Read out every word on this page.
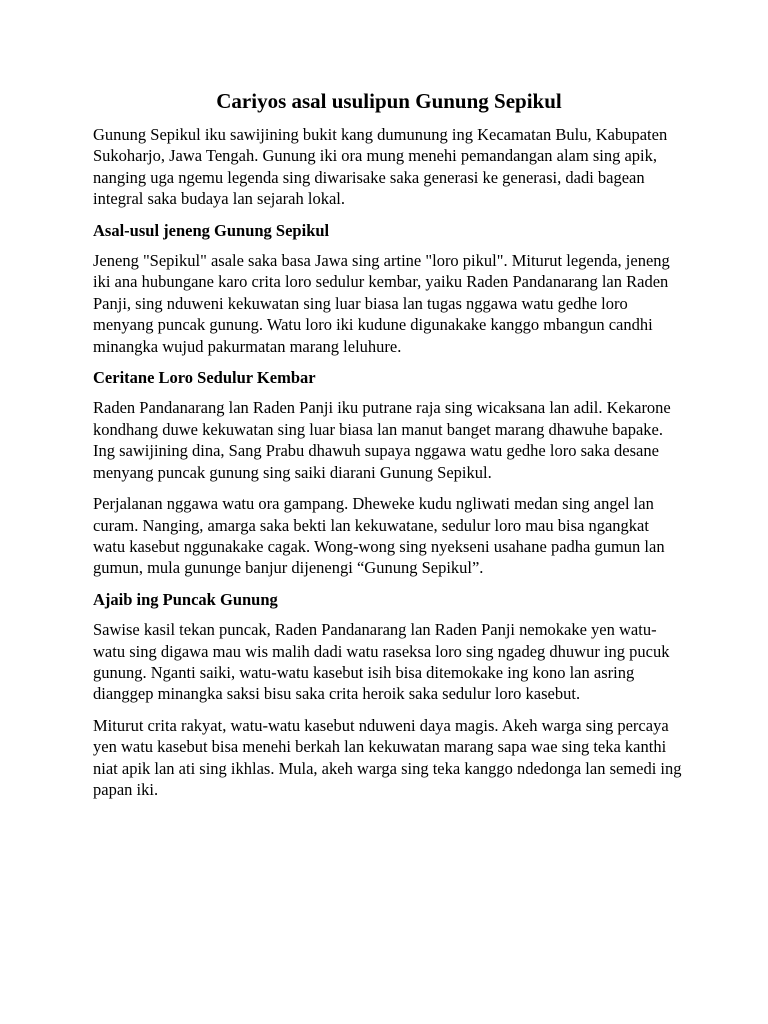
Cariyos asal usulipun Gunung Sepikul

Gunung Sepikul iku sawijining bukit kang dumunung ing Kecamatan Bulu, Kabupaten Sukoharjo, Jawa Tengah. Gunung iki ora mung menehi pemandangan alam sing apik, nanging uga ngemu legenda sing diwarisake saka generasi ke generasi, dadi bagean integral saka budaya lan sejarah lokal.

Asal-usul jeneng Gunung Sepikul

Jeneng "Sepikul" asale saka basa Jawa sing artine "loro pikul". Miturut legenda, jeneng iki ana hubungane karo crita loro sedulur kembar, yaiku Raden Pandanarang lan Raden Panji, sing nduweni kekuwatan sing luar biasa lan tugas nggawa watu gedhe loro menyang puncak gunung. Watu loro iki kudune digunakake kanggo mbangun candhi minangka wujud pakurmatan marang leluhure.

Ceritane Loro Sedulur Kembar

Raden Pandanarang lan Raden Panji iku putrane raja sing wicaksana lan adil. Kekarone kondhang duwe kekuwatan sing luar biasa lan manut banget marang dhawuhe bapake. Ing sawijining dina, Sang Prabu dhawuh supaya nggawa watu gedhe loro saka desane menyang puncak gunung sing saiki diarani Gunung Sepikul.

Perjalanan nggawa watu ora gampang. Dheweke kudu ngliwati medan sing angel lan curam. Nanging, amarga saka bekti lan kekuwatane, sedulur loro mau bisa ngangkat watu kasebut nggunakake cagak. Wong-wong sing nyekseni usahane padha gumun lan gumun, mula gununge banjur dijenengi “Gunung Sepikul”.

Ajaib ing Puncak Gunung

Sawise kasil tekan puncak, Raden Pandanarang lan Raden Panji nemokake yen watu-watu sing digawa mau wis malih dadi watu raseksa loro sing ngadeg dhuwur ing pucuk gunung. Nganti saiki, watu-watu kasebut isih bisa ditemokake ing kono lan asring dianggep minangka saksi bisu saka crita heroik saka sedulur loro kasebut.

Miturut crita rakyat, watu-watu kasebut nduweni daya magis. Akeh warga sing percaya yen watu kasebut bisa menehi berkah lan kekuwatan marang sapa wae sing teka kanthi niat apik lan ati sing ikhlas. Mula, akeh warga sing teka kanggo ndedonga lan semedi ing papan iki.
